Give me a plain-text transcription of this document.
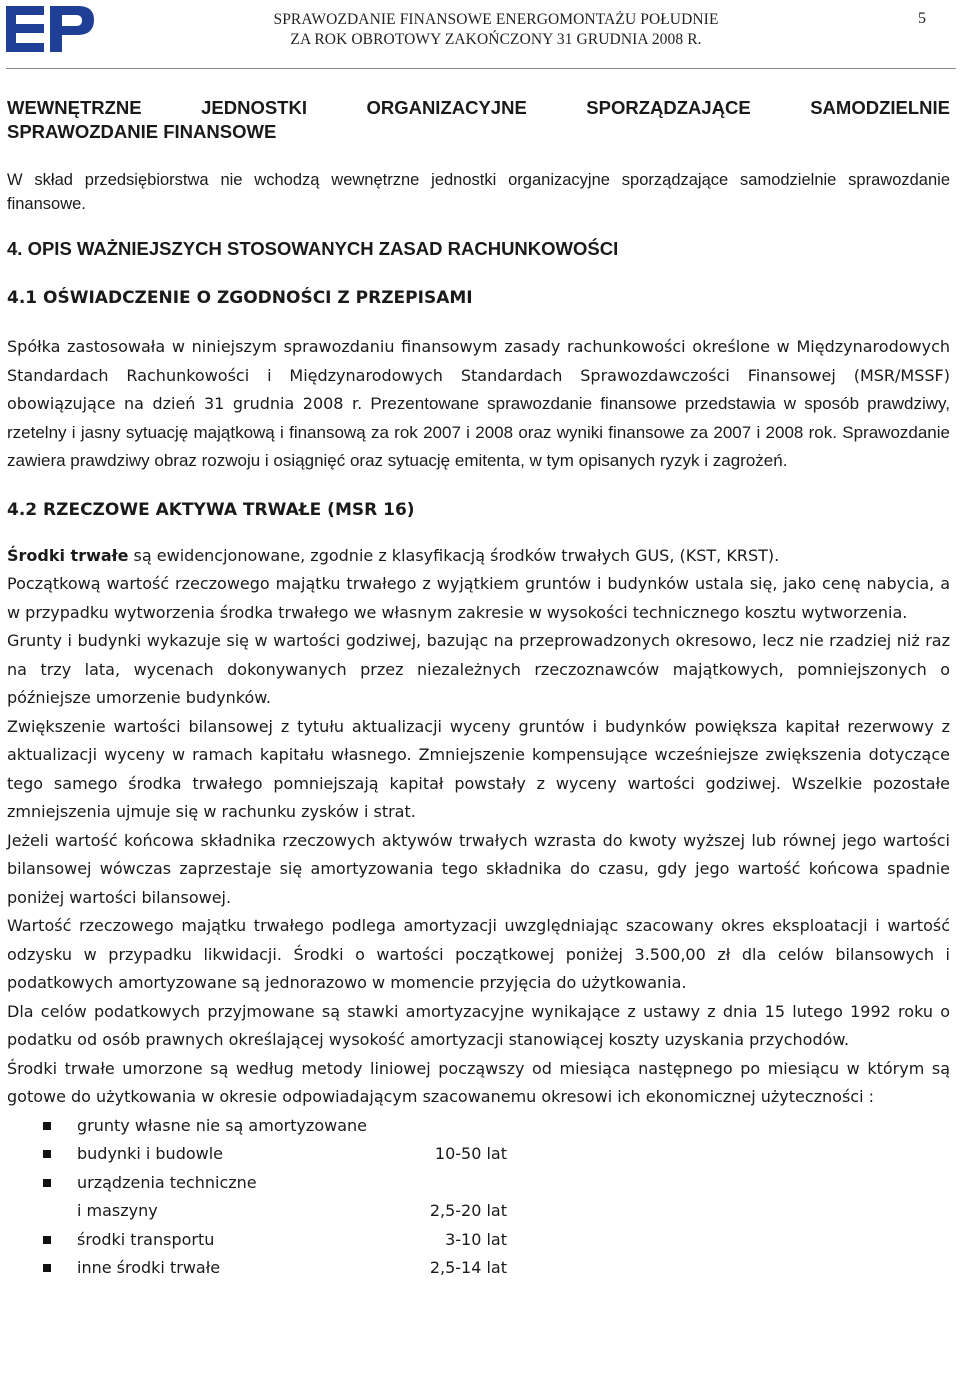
SPRAWOZDANIE FINANSOWE ENERGOMONTAŻU POŁUDNIE
ZA ROK OBROTOWY ZAKOŃCZONY 31 GRUDNIA 2008 R.
5

WEWNĘTRZNE JEDNOSTKI ORGANIZACYJNE SPORZĄDZAJĄCE SAMODZIELNIE

SPRAWOZDANIE FINANSOWE

W skład przedsiębiorstwa nie wchodzą wewnętrzne jednostki organizacyjne sporządzające samodzielnie sprawozdanie finansowe.

4. OPIS WAŻNIEJSZYCH STOSOWANYCH ZASAD RACHUNKOWOŚCI

4.1 OŚWIADCZENIE O ZGODNOŚCI Z PRZEPISAMI

Spółka zastosowała w niniejszym sprawozdaniu finansowym zasady rachunkowości określone w Międzynarodowych Standardach Rachunkowości i Międzynarodowych Standardach Sprawozdawczości Finansowej (MSR/MSSF) obowiązujące na dzień 31 grudnia 2008 r. Prezentowane sprawozdanie finansowe przedstawia w sposób prawdziwy, rzetelny i jasny sytuację majątkową i finansową za rok 2007 i 2008 oraz wyniki finansowe za 2007 i 2008 rok. Sprawozdanie zawiera prawdziwy obraz rozwoju i osiągnięć oraz sytuację emitenta, w tym opisanych ryzyk i zagrożeń.

4.2 RZECZOWE AKTYWA TRWAŁE (MSR 16)

Środki trwałe są ewidencjonowane, zgodnie z klasyfikacją środków trwałych GUS, (KST, KRST).

Początkową wartość rzeczowego majątku trwałego z wyjątkiem gruntów i budynków ustala się, jako cenę nabycia, a w przypadku wytworzenia środka trwałego we własnym zakresie w wysokości technicznego kosztu wytworzenia.

Grunty i budynki wykazuje się w wartości godziwej, bazując na przeprowadzonych okresowo, lecz nie rzadziej niż raz na trzy lata, wycenach dokonywanych przez niezależnych rzeczoznawców majątkowych, pomniejszonych o późniejsze umorzenie budynków.

Zwiększenie wartości bilansowej z tytułu aktualizacji wyceny gruntów i budynków powiększa kapitał rezerwowy z aktualizacji wyceny w ramach kapitału własnego. Zmniejszenie kompensujące wcześniejsze zwiększenia dotyczące tego samego środka trwałego pomniejszają kapitał powstały z wyceny wartości godziwej. Wszelkie pozostałe zmniejszenia ujmuje się w rachunku zysków i strat.

Jeżeli wartość końcowa składnika rzeczowych aktywów trwałych wzrasta do kwoty wyższej lub równej jego wartości bilansowej wówczas zaprzestaje się amortyzowania tego składnika do czasu, gdy jego wartość końcowa spadnie poniżej wartości bilansowej.

Wartość rzeczowego majątku trwałego podlega amortyzacji uwzględniając szacowany okres eksploatacji i wartość odzysku w przypadku likwidacji. Środki o wartości początkowej poniżej 3.500,00 zł dla celów bilansowych i podatkowych amortyzowane są jednorazowo w momencie przyjęcia do użytkowania.

Dla celów podatkowych przyjmowane są stawki amortyzacyjne wynikające z ustawy z dnia 15 lutego 1992 roku o podatku od osób prawnych określającej wysokość amortyzacji stanowiącej koszty uzyskania przychodów.

Środki trwałe umorzone są według metody liniowej począwszy od miesiąca następnego po miesiącu w którym są gotowe do użytkowania w okresie odpowiadającym szacowanemu okresowi ich ekonomicznej użyteczności :

grunty własne nie są amortyzowane
budynki i budowle	10-50 lat
urządzenia techniczne
i maszyny	2,5-20 lat
środki transportu	3-10 lat
inne środki trwałe	2,5-14 lat
